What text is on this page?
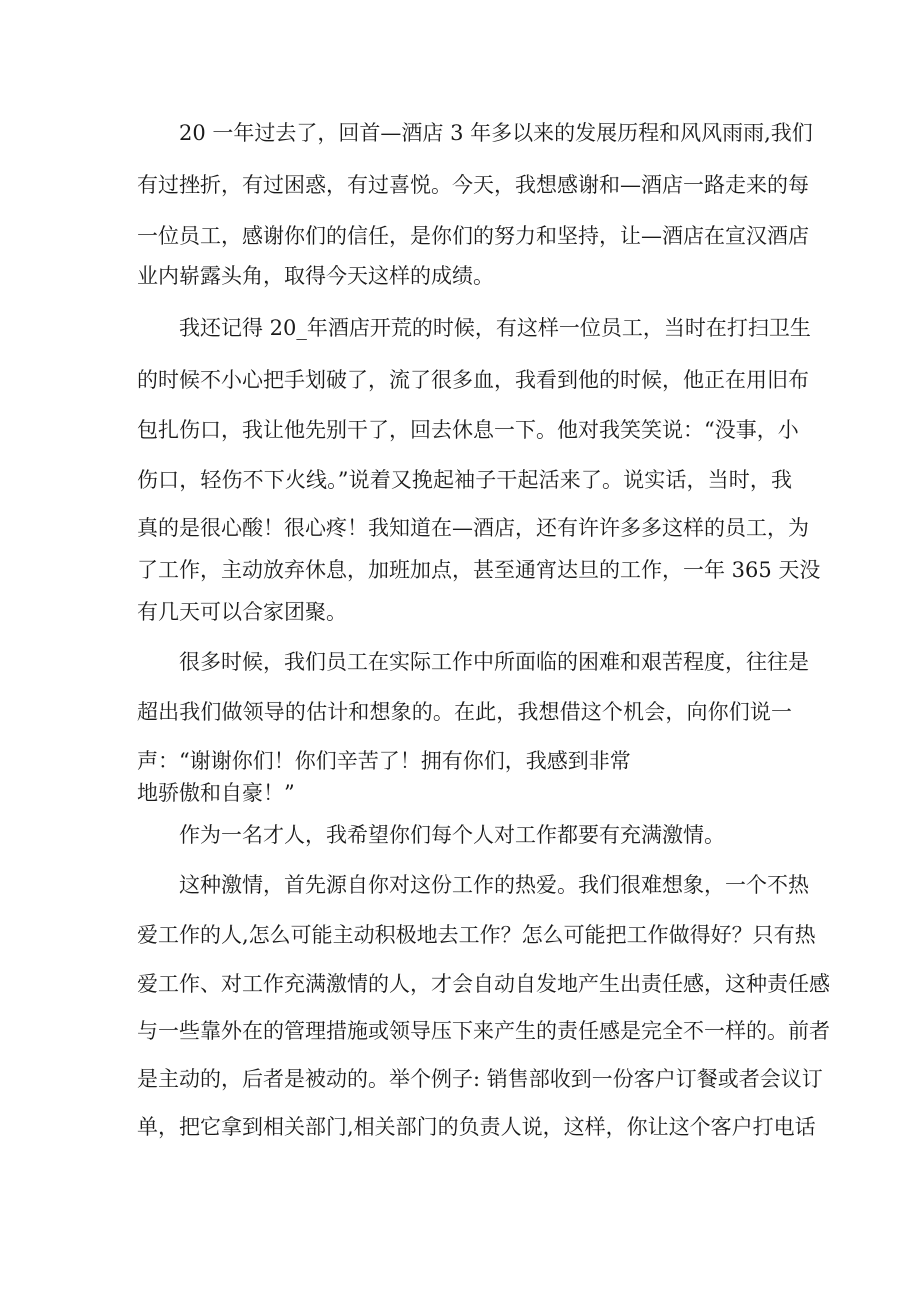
20 一年过去了，回首—酒店 3 年多以来的发展历程和风风雨雨,我们
有过挫折，有过困惑，有过喜悦。今天，我想感谢和—酒店一路走来的每
一位员工，感谢你们的信任，是你们的努力和坚持，让—酒店在宣汉酒店
业内崭露头角，取得今天这样的成绩。
我还记得 20_年酒店开荒的时候，有这样一位员工，当时在打扫卫生
的时候不小心把手划破了，流了很多血，我看到他的时候，他正在用旧布
包扎伤口，我让他先别干了，回去休息一下。他对我笑笑说：“没事，小
伤口，轻伤不下火线。”说着又挽起袖子干起活来了。说实话，当时，我
真的是很心酸！很心疼！我知道在—酒店，还有许许多多这样的员工，为
了工作，主动放弃休息，加班加点，甚至通宵达旦的工作，一年 365 天没
有几天可以合家团聚。
很多时候，我们员工在实际工作中所面临的困难和艰苦程度，往往是
超出我们做领导的估计和想象的。在此，我想借这个机会，向你们说一
声：“谢谢你们！你们辛苦了！拥有你们，我感到非常
地骄傲和自豪！”
作为一名才人，我希望你们每个人对工作都要有充满激情。
这种激情，首先源自你对这份工作的热爱。我们很难想象，一个不热
爱工作的人,怎么可能主动积极地去工作？怎么可能把工作做得好？只有热
爱工作、对工作充满激情的人，才会自动自发地产生出责任感，这种责任感
与一些靠外在的管理措施或领导压下来产生的责任感是完全不一样的。前者
是主动的，后者是被动的。举个例子: 销售部收到一份客户订餐或者会议订
单，把它拿到相关部门,相关部门的负责人说，这样，你让这个客户打电话
